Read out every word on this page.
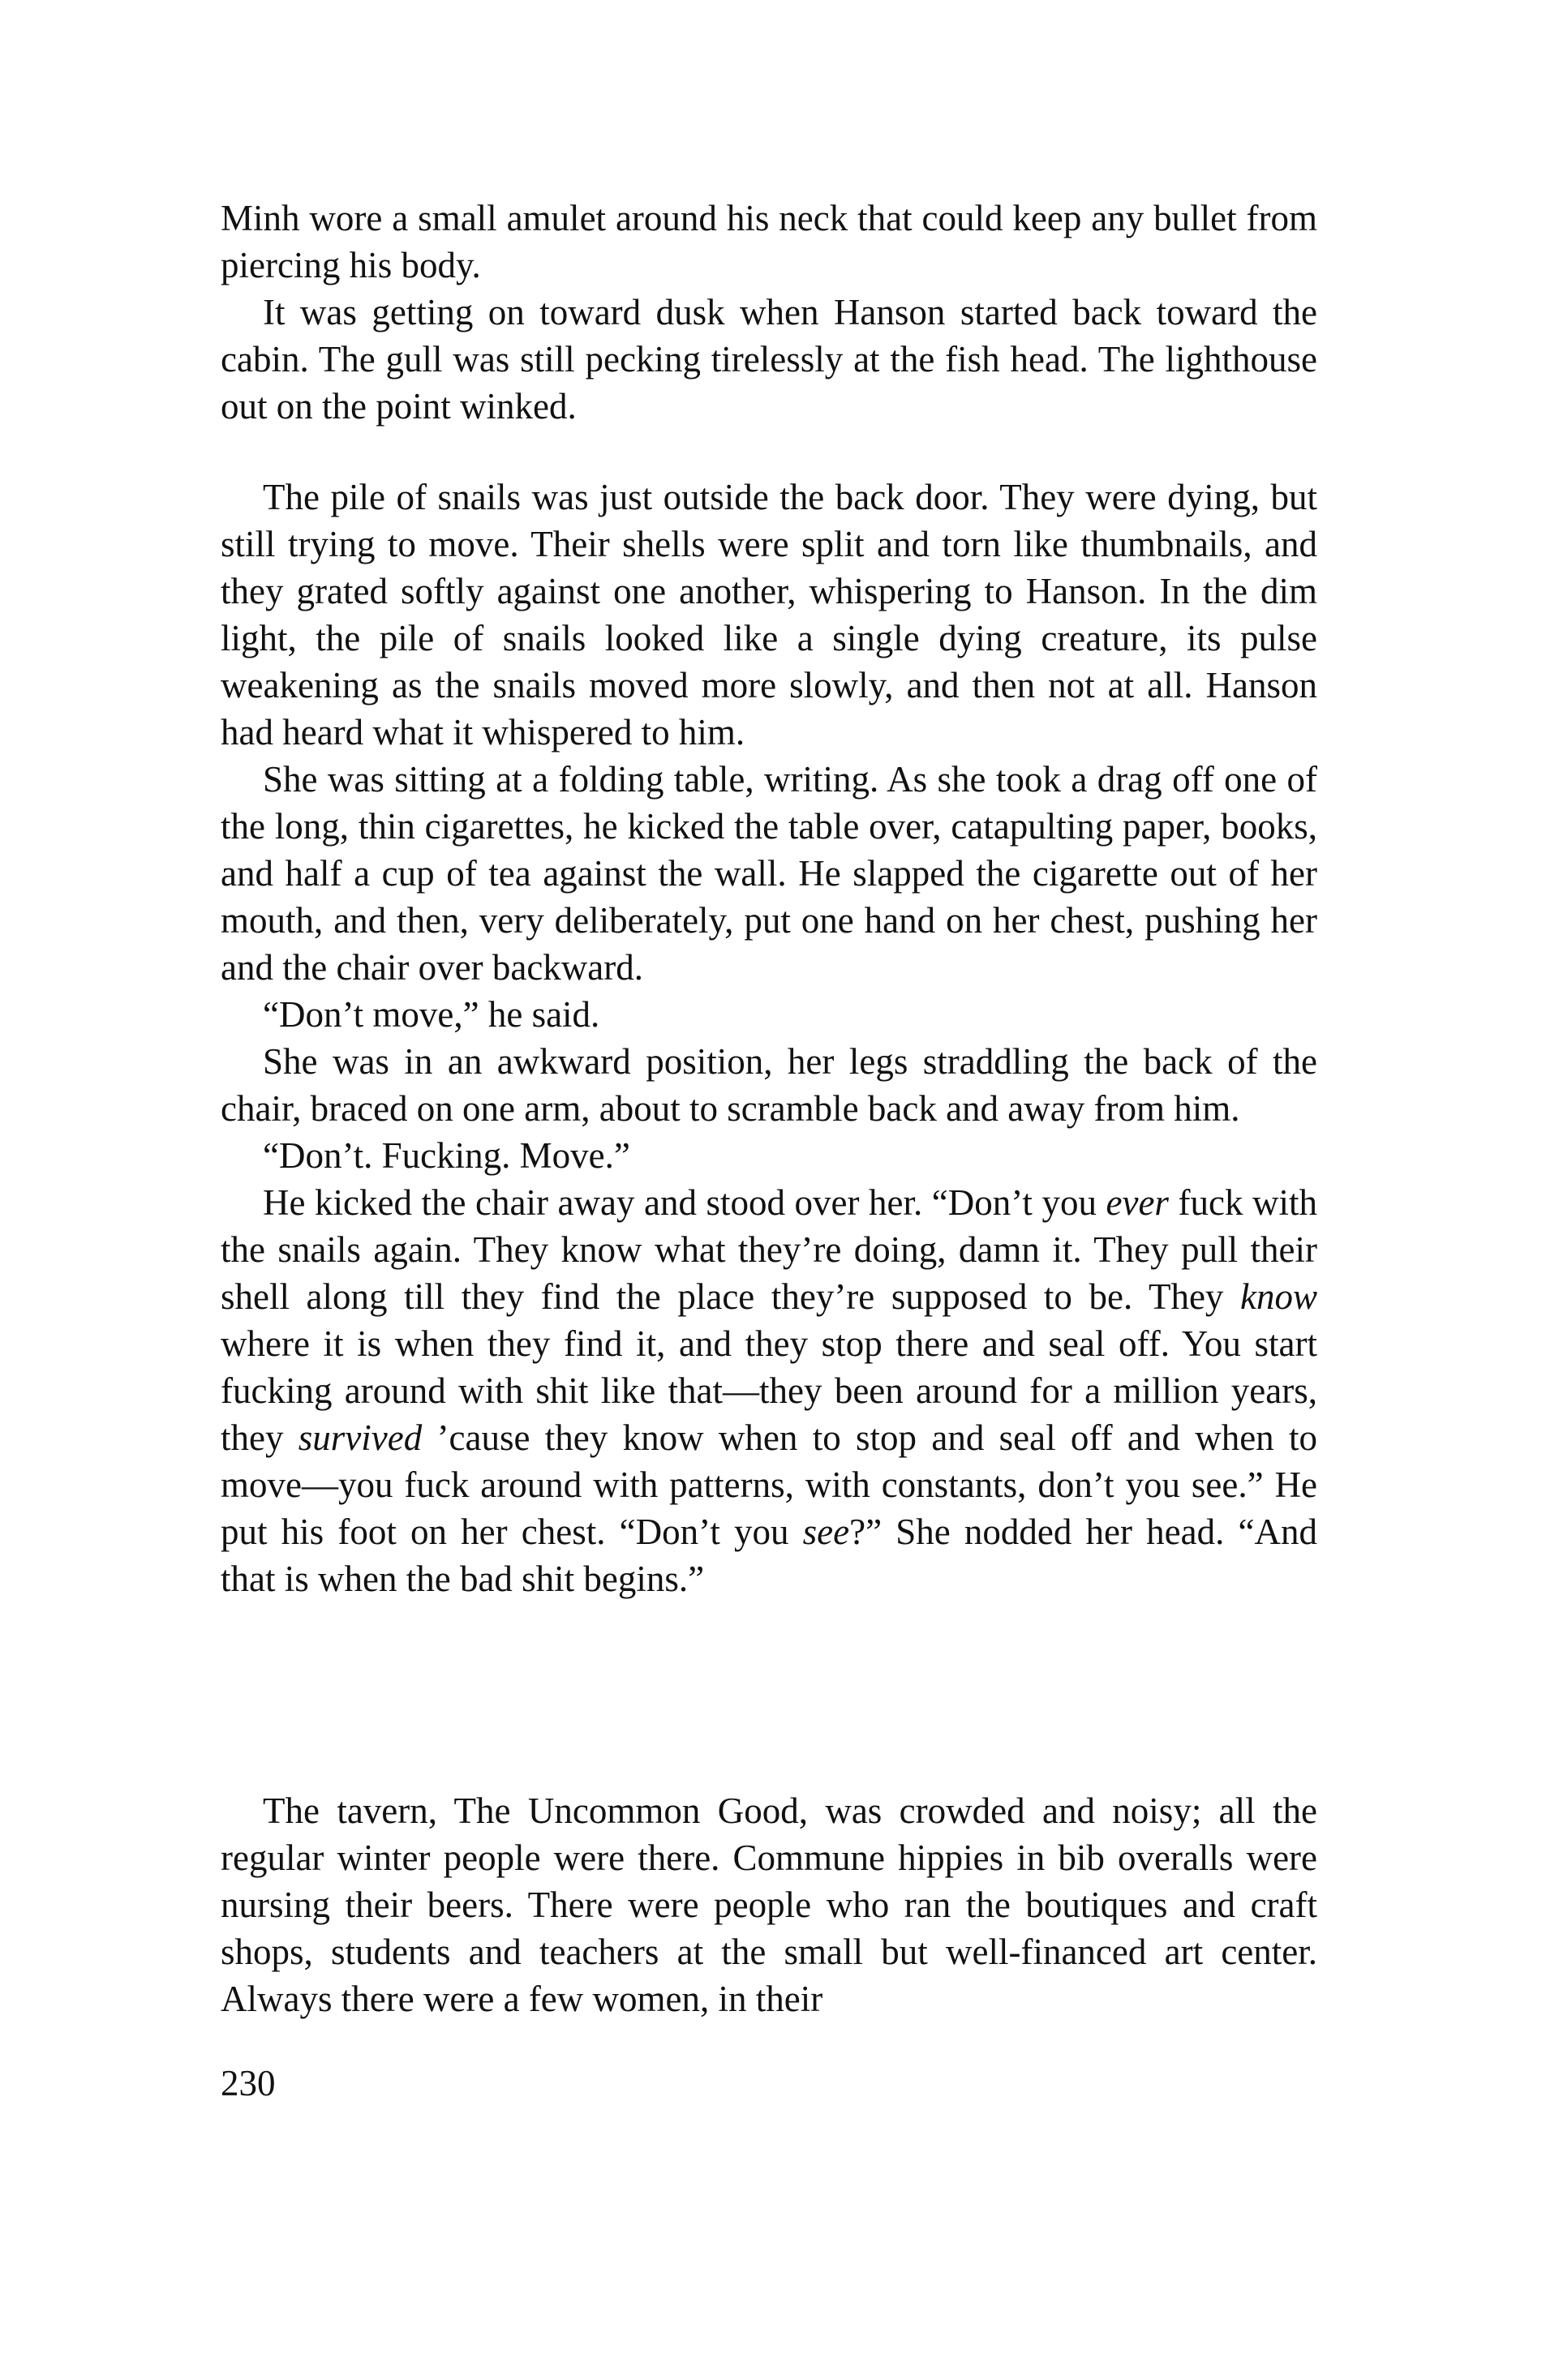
Minh wore a small amulet around his neck that could keep any bullet from piercing his body.

It was getting on toward dusk when Hanson started back toward the cabin. The gull was still pecking tirelessly at the fish head. The lighthouse out on the point winked.

The pile of snails was just outside the back door. They were dying, but still trying to move. Their shells were split and torn like thumbnails, and they grated softly against one another, whispering to Hanson. In the dim light, the pile of snails looked like a single dying creature, its pulse weakening as the snails moved more slowly, and then not at all. Hanson had heard what it whispered to him.

She was sitting at a folding table, writing. As she took a drag off one of the long, thin cigarettes, he kicked the table over, catapulting paper, books, and half a cup of tea against the wall. He slapped the cigarette out of her mouth, and then, very deliberately, put one hand on her chest, pushing her and the chair over backward.

“Don’t move,” he said.

She was in an awkward position, her legs straddling the back of the chair, braced on one arm, about to scramble back and away from him.

“Don’t. Fucking. Move.”

He kicked the chair away and stood over her. “Don’t you ever fuck with the snails again. They know what they’re doing, damn it. They pull their shell along till they find the place they’re supposed to be. They know where it is when they find it, and they stop there and seal off. You start fucking around with shit like that—they been around for a million years, they survived ’cause they know when to stop and seal off and when to move—you fuck around with patterns, with constants, don’t you see.” He put his foot on her chest. “Don’t you see?” She nodded her head. “And that is when the bad shit begins.”

The tavern, The Uncommon Good, was crowded and noisy; all the regular winter people were there. Commune hippies in bib overalls were nursing their beers. There were people who ran the boutiques and craft shops, students and teachers at the small but well-financed art center. Always there were a few women, in their

230
